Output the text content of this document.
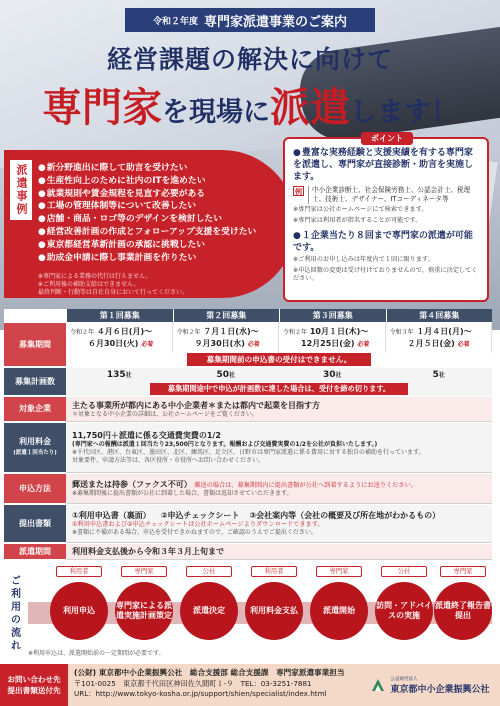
令和２年度 専門家派遣事業のご案内
経営課題の解決に向けて
専門家を現場に派遣します！
派遣事例
●	新分野進出に際して助言を受けたい
● 生産性向上のために社内のITを進めたい
● 就業規則や賃金規程を見直す必要がある
● 工場の管理体制等について改善したい
● 店舗・商品・ロゴ等のデザインを検討したい
● 経営改善計画の作成とフォローアップ支援を受けたい
● 東京都経営革新計画の承認に挑戦したい
● 助成金申請に際し事業計画を作りたい
※専門家による業務の代行は行えません。
※ご利用後の補助支給はできません。
最終判断・行動等は自社自身において行ってください。
ポイント
● 豊富な実務経験と支援実績を有する専門家を派遣し、専門家が直接診断・助言を実施します。
例	中小企業診断士、社会保険労務士、公認会計士、税理士、技術士、デザイナー、ITコーディネータ等
※専門家は公社ホームページにて検索できます。
※専門家は利用者が指名することが可能です。
● １企業当たり８回まで専門家の派遣が可能です。
※ご利用のお申し込みは年度内で１回に限ります。
※申込回数の変更は受け付けておりませんので、慎重に決定してください。
第１回募集	第２回募集	第３回募集	第４回募集
募集期間
令和２年 ４月６日(月)～
６月30日(火) 必着
令和２年 ７月１日(水)～
９月30日(水) 必着
令和２年 10月１日(木)～
12月25日(金) 必着
令和３年 １月４日(月)～
２月５日(金) 必着
募集期間前の申込書の受付はできません。
募集計画数
135社	50社	30社	5社
募集期間途中で申込が計画数に達した場合は、受付を締め切ります。
対象企業	主たる事業所が都内にある中小企業者＊または都内で起業を目指す方
＊対象となる中小企業の詳細は、公社ホームページをご覧ください。
利用料金
(派遣１回当たり)
11,750円＋派遣に係る交通費実費の1/2
(専門家への報酬は派遣１回当たり23,500円となります。報酬および交通費実費の1/2を公社が負担いたします。)
※千代田区、港区、台東区、墨田区、北区、練馬区、足立区、日野市は専門家派遣に係る費用に対する独自の補助を行っています。
対象要件、申請方法等は、各区役所・市役所へお問い合わせください。
申込方法	郵送または持参（ファクス不可） 郵送の場合は、募集期間内に提出書類が公社へ到着するようにお送りください。
※募集期間後に提出書類が公社に到着した場合、書類は返却させていただきます。
提出書類
①利用申込書（裏面） ②申込チェックシート ③会社案内等（会社の概要及び所在地がわかるもの）
①利用申込書および②申込チェックシートは公社ホームページよりダウンロードできます。
※書類に不備がある場合、申込を受付できかねますので、ご確認のうえでご提出ください。
派遣期間	利用料金支払後から令和３年３月上旬まで
ご利用の流れ
利用者
利用申込
専門家
専門家による派遣実施計画策定
公社
派遣決定
利用者
利用料金支払
専門家
派遣開始
公社
訪問・アドバイスの実施
専門家
派遣終了報告書提出
※利用申込は、派遣開始前の一定期間が必要です。
お問い合わせ先
提出書類送付先
(公財) 東京都中小企業振興公社　総合支援部 総合支援課　専門家派遣事業担当
〒101-0025　東京都千代田区神田佐久間町１-９　TEL：03-3251-7881
URL：http://www.tokyo-kosha.or.jp/support/shien/specialist/index.html
公益財団法人
東京都中小企業振興公社
